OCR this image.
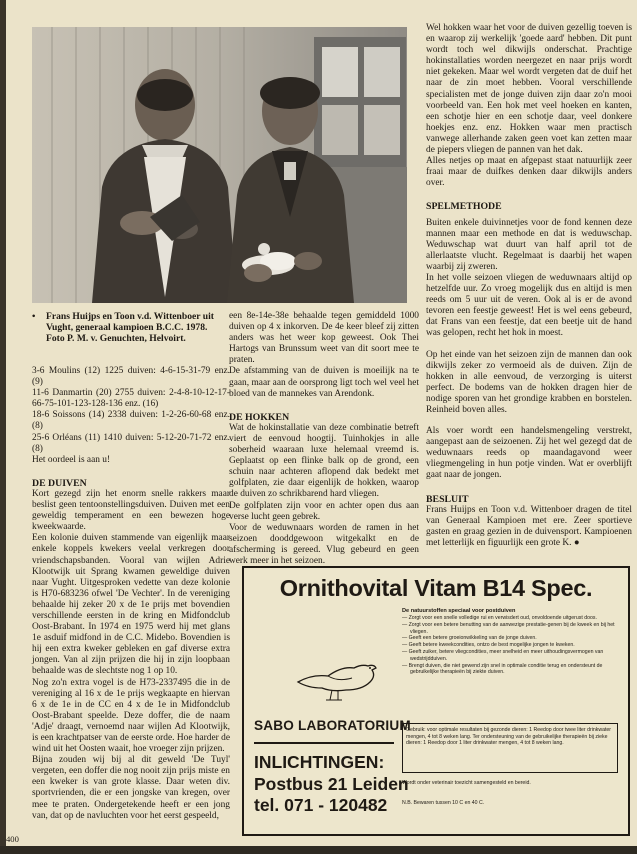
• Frans Huijps en Toon v.d. Wittenboer uit Vught, generaal kampioen B.C.C. 1978.
Foto P. M. v. Genuchten, Helvoirt.

3-6 Moulins (12) 1225 duiven: 4-6-15-31-79 enz. (9)

11-6 Danmartin (20) 2755 duiven: 2-4-8-10-12-17-66-75-101-123-128-136 enz. (16)

18-6 Soissons (14) 2338 duiven: 1-2-26-60-68 enz. (8)

25-6 Orléans (11) 1410 duiven: 5-12-20-71-72 enz. (8)

Het oordeel is aan u!

DE DUIVEN

Kort gezegd zijn het enorm snelle rakkers maar beslist geen tentoonstellingsduiven. Duiven met een geweldig temperament en een bewezen hoge kweekwaarde.

Een kolonie duiven stammende van eigenlijk maar enkele koppels kwekers veelal verkregen door vriendschapsbanden. Vooral van wijlen Adrie Klootwijk uit Sprang kwamen geweldige duiven naar Vught. Uitgesproken vedette van deze kolonie is H70-683236 ofwel 'De Vechter'. In de vereniging behaalde hij zeker 20 x de 1e prijs met bovendien verschillende eersten in de kring en Midfondclub Oost-Brabant. In 1974 en 1975 werd hij met glans 1e asduif midfond in de C.C. Midebo. Bovendien is hij een extra kweker gebleken en gaf diverse extra jongen. Van al zijn prijzen die hij in zijn loopbaan behaalde was de slechtste nog 1 op 10.

Nog zo'n extra vogel is de H73-2337495 die in de vereniging al 16 x de 1e prijs wegkaapte en hiervan 6 x de 1e in de CC en 4 x de 1e in Midfondclub Oost-Brabant speelde. Deze doffer, die de naam 'Adje' draagt, vernoemd naar wijlen Ad Klootwijk, is een krachtpatser van de eerste orde. Hoe harder de wind uit het Oosten waait, hoe vroeger zijn prijzen.

Bijna zouden wij bij al dit geweld 'De Tuyl' vergeten, een doffer die nog nooit zijn prijs miste en een kweker is van grote klasse. Daar weten div. sportvrienden, die er een jongske van kregen, over mee te praten. Ondergetekende heeft er een jong van, dat op de navluchten voor het eerst gespeeld,

een 8e-14e-38e behaalde tegen gemiddeld 1000 duiven op 4 x inkorven. De 4e keer bleef zij zitten anders was het weer kop geweest. Ook Thei Hartogs van Brunssum weet van dit soort mee te praten.

De afstamming van de duiven is moeilijk na te gaan, maar aan de oorsprong ligt toch wel veel het bloed van de mannekes van Arendonk.

DE HOKKEN

Wat de hokinstallatie van deze combinatie betreft viert de eenvoud hoogtij. Tuinhokjes in alle soberheid waaraan luxe helemaal vreemd is. Geplaatst op een flinke balk op de grond, een schuin naar achteren aflopend dak bedekt met golfplaten, zie daar eigenlijk de hokken, waarop de duiven zo schrikbarend hard vliegen.

De golfplaten zijn voor en achter open dus aan verse lucht geen gebrek.

Voor de weduwnaars worden de ramen in het seizoen dooddgewoon witgekalkt en de afscherming is gereed. Vlug gebeurd en geen werk meer in het seizoen.

Wel hokken waar het voor de duiven gezellig toeven is en waarop zij werkelijk 'goede aard' hebben. Dit punt wordt toch wel dikwijls onderschat. Prachtige hokinstallaties worden neergezet en naar prijs wordt niet gekeken. Maar wel wordt vergeten dat de duif het naar de zin moet hebben. Vooral verschillende specialisten met de jonge duiven zijn daar zo'n mooi voorbeeld van. Een hok met veel hoeken en kanten, een schotje hier en een schotje daar, veel donkere hoekjes enz. enz. Hokken waar men practisch vanwege allerhande zaken geen voet kan zetten maar de piepers vliegen de pannen van het dak.

Alles netjes op maat en afgepast staat natuurlijk zeer fraai maar de duifkes denken daar dikwijls anders over.

SPELMETHODE

Buiten enkele duivinnetjes voor de fond kennen deze mannen maar een methode en dat is weduwschap. Weduwschap wat duurt van half april tot de allerlaatste vlucht. Regelmaat is daarbij het wapen waarbij zij zweren.

In het volle seizoen vliegen de weduwnaars altijd op hetzelfde uur. Zo vroeg mogelijk dus en altijd is men reeds om 5 uur uit de veren. Ook al is er de avond tevoren een feestje geweest! Het is wel eens gebeurd, dat Frans van een feestje, dat een beetje uit de hand was gelopen, recht het hok in moest.

Op het einde van het seizoen zijn de mannen dan ook dikwijls zeker zo vermoeid als de duiven. Zijn de hokken in alle eenvoud, de verzorging is uiterst perfect. De bodems van de hokken dragen hier de nodige sporen van het grondige krabben en borstelen. Reinheid boven alles.

Als voer wordt een handelsmengeling verstrekt, aangepast aan de seizoenen. Zij het wel gezegd dat de weduwnaars reeds op maandagavond weer vliegmengeling in hun potje vinden. Wat er overblijft gaat naar de jongen.

BESLUIT

Frans Huijps en Toon v.d. Wittenboer dragen de titel van Generaal Kampioen met ere. Zeer sportieve gasten en graag gezien in de duivensport. Kampioenen met letterlijk en figuurlijk een grote K. ●

Ornithovital Vitam B14 Spec.
De natuurstoffen speciaal voor postduiven
— Zorgt voor een snelle volledige rui en verwisdert oud, onvoldoende uitgerust doos.
— Zorgt voor een betere benutting van de aanwezige prestatie-genen bij de kweek en bij het vliegen.
— Geeft een betere groeionwikkeling van de jonge duiven.
— Geeft betere kweekcondities, ontzo de best mogelijke jongen te kweken.
— Geeft zuiker, betere vliegcondities, meer snelheid en meer uithoudingsvermogen van wedstrijdduiven.
— Brengt duiven, die niet gewend zijn snel in optimale conditie terug en ondersteunt de gebruikelijke therapieën bij ziekte duiven.
SABO LABORATORIUM
INLICHTINGEN:
Postbus 21 Leiden
tel. 071 - 120482
Gebruik: voor optimale resultaten bij gezonde dieren: 1 Reedop door twee liter drinkwater mengen, 4 tot 8 weken lang. Ter ondersteuning van de gebruikelijke therapieën bij zieke dieren: 1 Reedop door 1 liter drinkwater mengen, 4 tot 8 weken lang.
Wordt onder veterinair toezicht samengesteld en bereid.
N.B. Bewaren tussen 10 C en 40 C.
400
